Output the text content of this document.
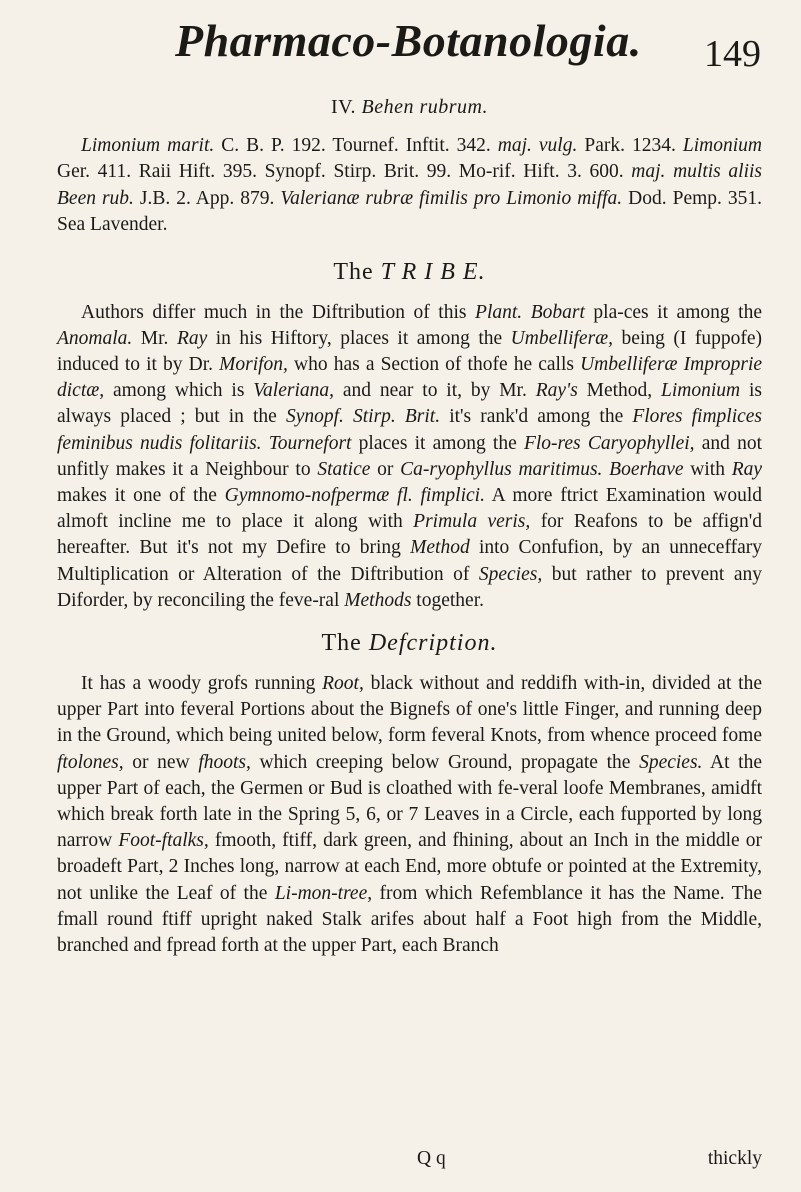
Pharmaco-Botanologia. 149
IV. Behen rubrum.

Limonium marit. C. B. P. 192. Tournef. Inftit. 342. maj. vulg. Park. 1234. Limonium Ger. 411. Raii Hift. 395. Synopf. Stirp. Brit. 99. Mo-rif. Hift. 3. 600. maj. multis aliis Been rub. J.B. 2. App. 879. Valerianæ rubræ fimilis pro Limonio miffa. Dod. Pemp. 351. Sea Lavender.

The T R I B E.

Authors differ much in the Diftribution of this Plant. Bobart pla-ces it among the Anomala. Mr. Ray in his Hiftory, places it among the Umbelliferæ, being (I fuppofe) induced to it by Dr. Morifon, who has a Section of thofe he calls Umbelliferæ Improprie dictæ, among which is Valeriana, and near to it, by Mr. Ray's Method, Limonium is always placed ; but in the Synopf. Stirp. Brit. it's rank'd among the Flores fimplices feminibus nudis folitariis. Tournefort places it among the Flo-res Caryophyllei, and not unfitly makes it a Neighbour to Statice or Ca-ryophyllus maritimus. Boerhave with Ray makes it one of the Gymnomo-nofpermæ fl. fimplici. A more ftrict Examination would almoft incline me to place it along with Primula veris, for Reafons to be affign'd hereafter. But it's not my Defire to bring Method into Confufion, by an unneceffary Multiplication or Alteration of the Diftribution of Species, but rather to prevent any Diforder, by reconciling the feve-ral Methods together.

The Defcription.

It has a woody grofs running Root, black without and reddifh with-in, divided at the upper Part into feveral Portions about the Bignefs of one's little Finger, and running deep in the Ground, which being united below, form feveral Knots, from whence proceed fome ftolones, or new fhoots, which creeping below Ground, propagate the Species. At the upper Part of each, the Germen or Bud is cloathed with fe-veral loofe Membranes, amidft which break forth late in the Spring 5, 6, or 7 Leaves in a Circle, each fupported by long narrow Foot-ftalks, fmooth, ftiff, dark green, and fhining, about an Inch in the middle or broadeft Part, 2 Inches long, narrow at each End, more obtufe or pointed at the Extremity, not unlike the Leaf of the Li-mon-tree, from which Refemblance it has the Name. The fmall round ftiff upright naked Stalk arifes about half a Foot high from the Middle, branched and fpread forth at the upper Part, each Branch

Q q	thickly
